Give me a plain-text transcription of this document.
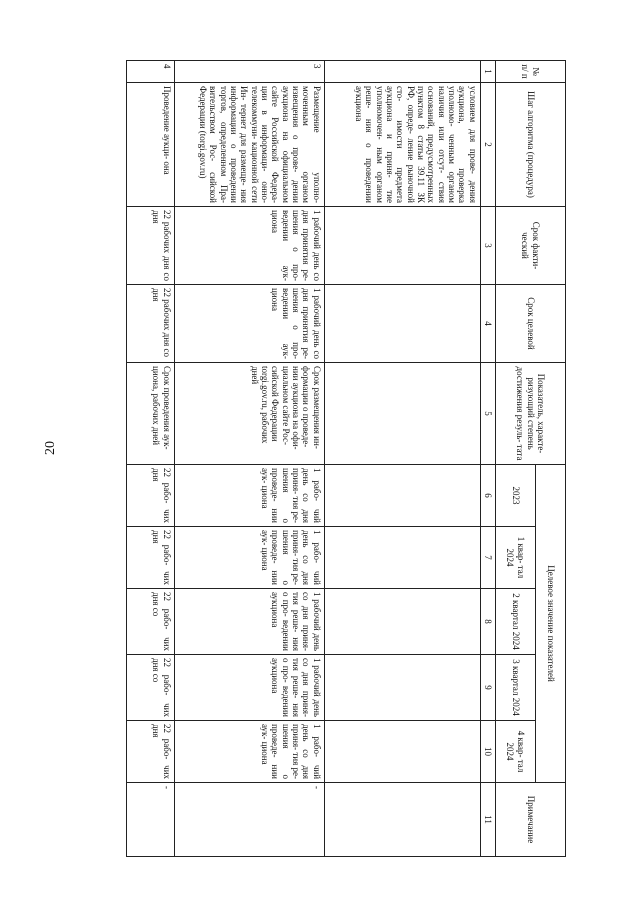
20
№ п/ п	Шаг алгоритма (процедура)	Срок факти- ческий	Срок целевой	Показатель, характе- ризующий степень достижения резуль- тата	Целевое значение показателей					Примечание
					2023	1 квар- тал 2024	2 квартал 2024	3 квартал 2024	4 квар- тал 2024	
1	2	3	4	5	6	7	8	9	10	11
	условием для прове- дения аукциона, проверка уполномо- ченным органом наличия или отсут- ствия оснований, предусмотренных пунктом 8 статьи 39.11 ЗК РФ, опреде- ление рыночной сто- имости предмета аукциона и приня- тие уполномочен- ным органом реше- ния о проведении аукциона									
3	Размещение уполно- моченным органом извещения о прове- дении аукциона на официальном сайте Российской Федера- ции в информаци- онно-телекоммуни- кационной сети Ин- тернет для размеще- ния информации о проведении торгов, определенном Пра- вительством Рос- сийской Федерации (torgi.gov.ru)	1 рабочий день со дня принятия ре- шения о про- ведении аук- циона	1 рабочий день со дня принятия ре- шения о про- ведении аук- циона	Срок размещения ин- формации о проведе- нии аукциона на офи- циальном сайте Рос- сийской Федерации torgi.gov.ru, рабочих дней	1 рабо- чий день со дня приня- тия ре- шения о проведе- нии аук- циона	1 рабо- чий день со дня приня- тия ре- шения о проведе- нии аук- циона	1 рабочий день со дня приня- тия реше- ния о про- ведении аукциона	1 рабочий день со дня приня- тия реше- ния о про- ведении аукциона	1 рабо- чий день со дня приня- тия ре- шения о проведе- нии аук- циона	-
4	Проведение аукци- она	22 рабочих дня со дня	22 рабочих дня со дня	Срок проведения аук- циона, рабочих дней	22 рабо- чих дня	22 рабо- чих дня	22 рабо- чих дня со	22 рабо- чих дня со	22 рабо- чих дня	-
